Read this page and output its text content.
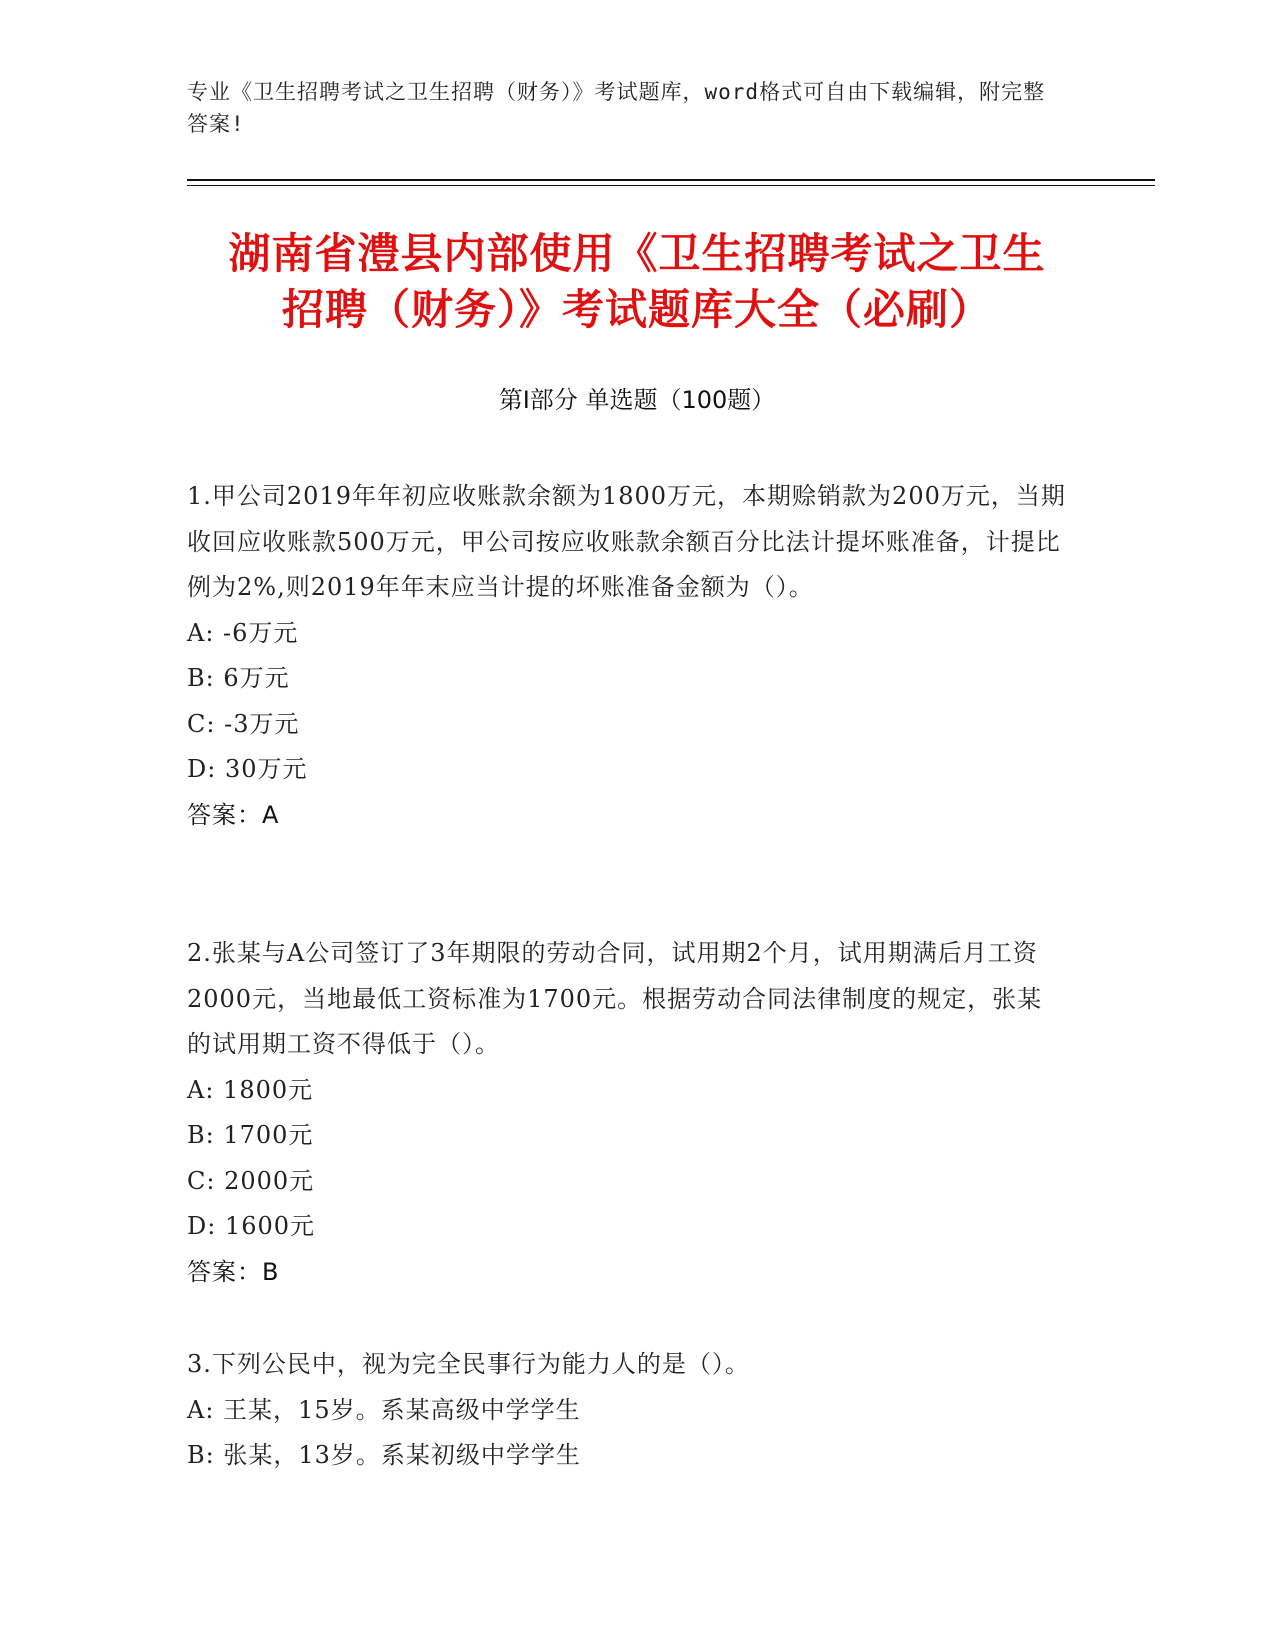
专业《卫生招聘考试之卫生招聘（财务）》考试题库，word格式可自由下载编辑，附完整答案!
湖南省澧县内部使用《卫生招聘考试之卫生
招聘（财务）》考试题库大全（必刷）
第Ⅰ部分 单选题（100题）
1.甲公司2019年年初应收账款余额为1800万元，本期赊销款为200万元，当期收回应收账款500万元，甲公司按应收账款余额百分比法计提坏账准备，计提比例为2%,则2019年年末应当计提的坏账准备金额为（）。
A: -6万元
B: 6万元
C: -3万元
D: 30万元
答案：A
2.张某与A公司签订了3年期限的劳动合同，试用期2个月，试用期满后月工资2000元，当地最低工资标准为1700元。根据劳动合同法律制度的规定，张某的试用期工资不得低于（）。
A: 1800元
B: 1700元
C: 2000元
D: 1600元
答案：B
3.下列公民中，视为完全民事行为能力人的是（）。
A: 王某，15岁。系某高级中学学生
B: 张某，13岁。系某初级中学学生
